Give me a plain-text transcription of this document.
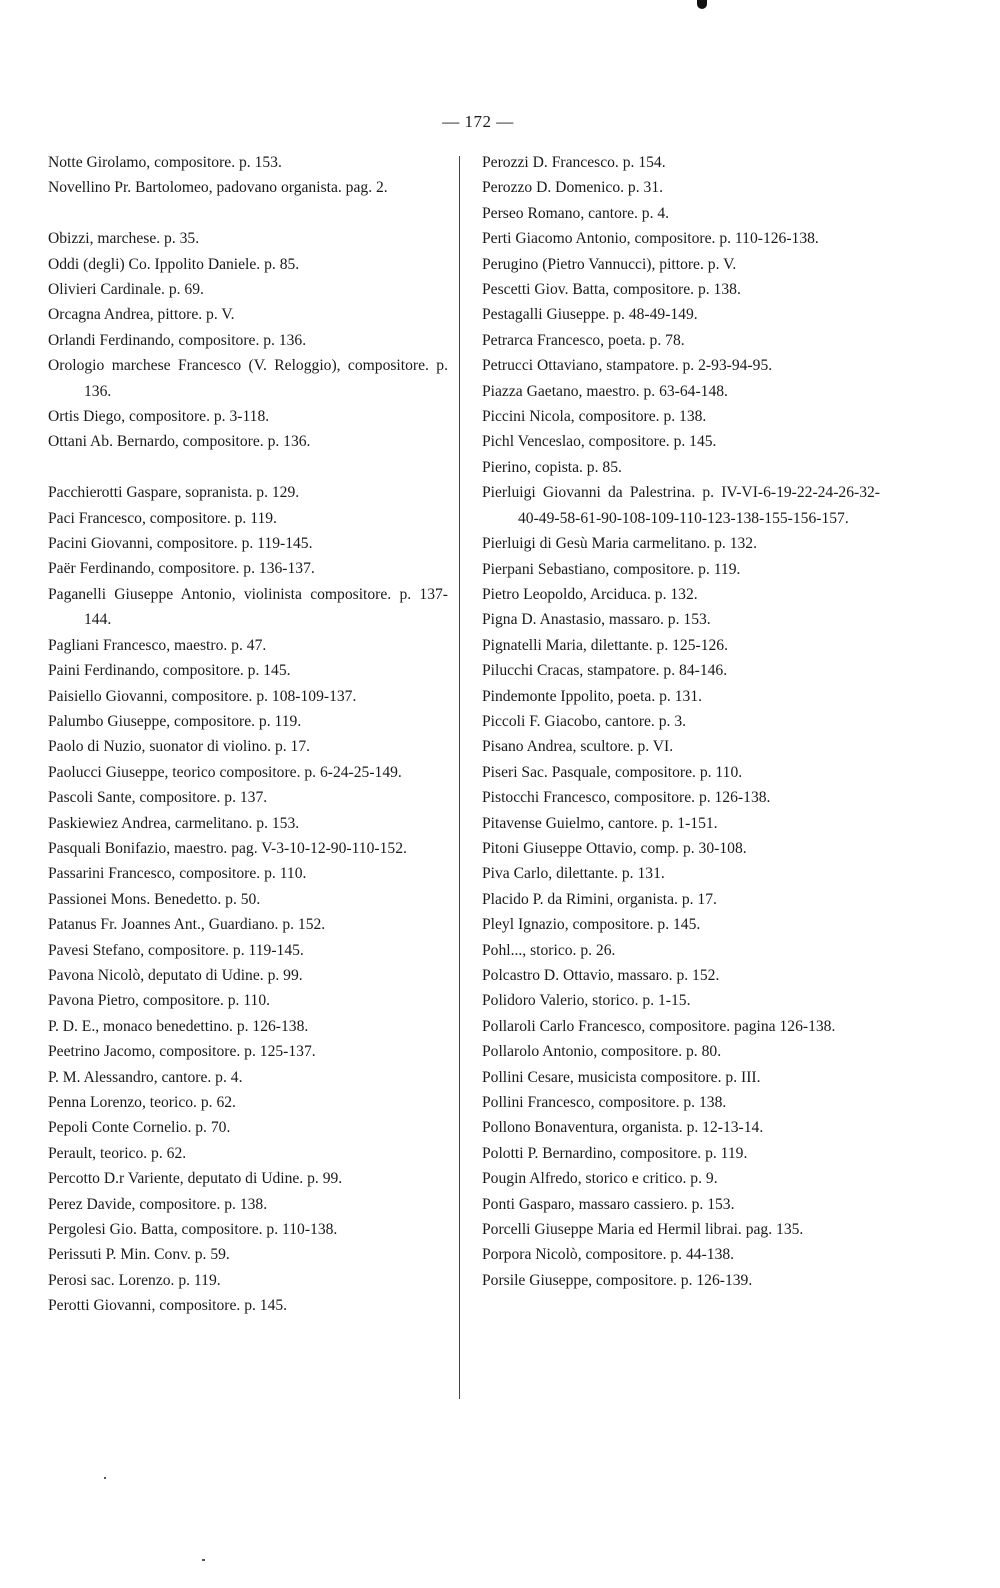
— 172 —
Notte Girolamo, compositore. p. 153.
Novellino Pr. Bartolomeo, padovano organista. pag. 2.
Obizzi, marchese. p. 35.
Oddi (degli) Co. Ippolito Daniele. p. 85.
Olivieri Cardinale. p. 69.
Orcagna Andrea, pittore. p. V.
Orlandi Ferdinando, compositore. p. 136.
Orologio marchese Francesco (V. Reloggio), compositore. p. 136.
Ortis Diego, compositore. p. 3-118.
Ottani Ab. Bernardo, compositore. p. 136.
Pacchierotti Gaspare, sopranista. p. 129.
Paci Francesco, compositore. p. 119.
Pacini Giovanni, compositore. p. 119-145.
Paër Ferdinando, compositore. p. 136-137.
Paganelli Giuseppe Antonio, violinista compositore. p. 137-144.
Pagliani Francesco, maestro. p. 47.
Paini Ferdinando, compositore. p. 145.
Paisiello Giovanni, compositore. p. 108-109-137.
Palumbo Giuseppe, compositore. p. 119.
Paolo di Nuzio, suonator di violino. p. 17.
Paolucci Giuseppe, teorico compositore. p. 6-24-25-149.
Pascoli Sante, compositore. p. 137.
Paskiewiez Andrea, carmelitano. p. 153.
Pasquali Bonifazio, maestro. pag. V-3-10-12-90-110-152.
Passarini Francesco, compositore. p. 110.
Passionei Mons. Benedetto. p. 50.
Patanus Fr. Joannes Ant., Guardiano. p. 152.
Pavesi Stefano, compositore. p. 119-145.
Pavona Nicolò, deputato di Udine. p. 99.
Pavona Pietro, compositore. p. 110.
P. D. E., monaco benedettino. p. 126-138.
Peetrino Jacomo, compositore. p. 125-137.
P. M. Alessandro, cantore. p. 4.
Penna Lorenzo, teorico. p. 62.
Pepoli Conte Cornelio. p. 70.
Perault, teorico. p. 62.
Percotto D.r Variente, deputato di Udine. p. 99.
Perez Davide, compositore. p. 138.
Pergolesi Gio. Batta, compositore. p. 110-138.
Perissuti P. Min. Conv. p. 59.
Perosi sac. Lorenzo. p. 119.
Perotti Giovanni, compositore. p. 145.
Perozzi D. Francesco. p. 154.
Perozzo D. Domenico. p. 31.
Perseo Romano, cantore. p. 4.
Perti Giacomo Antonio, compositore. p. 110-126-138.
Perugino (Pietro Vannucci), pittore. p. V.
Pescetti Giov. Batta, compositore. p. 138.
Pestagalli Giuseppe. p. 48-49-149.
Petrarca Francesco, poeta. p. 78.
Petrucci Ottaviano, stampatore. p. 2-93-94-95.
Piazza Gaetano, maestro. p. 63-64-148.
Piccini Nicola, compositore. p. 138.
Pichl Venceslao, compositore. p. 145.
Pierino, copista. p. 85.
Pierluigi Giovanni da Palestrina. p. IV-VI-6-19-22-24-26-32-40-49-58-61-90-108-109-110-123-138-155-156-157.
Pierluigi di Gesù Maria carmelitano. p. 132.
Pierpani Sebastiano, compositore. p. 119.
Pietro Leopoldo, Arciduca. p. 132.
Pigna D. Anastasio, massaro. p. 153.
Pignatelli Maria, dilettante. p. 125-126.
Pilucchi Cracas, stampatore. p. 84-146.
Pindemonte Ippolito, poeta. p. 131.
Piccoli F. Giacobo, cantore. p. 3.
Pisano Andrea, scultore. p. VI.
Piseri Sac. Pasquale, compositore. p. 110.
Pistocchi Francesco, compositore. p. 126-138.
Pitavense Guielmo, cantore. p. 1-151.
Pitoni Giuseppe Ottavio, comp. p. 30-108.
Piva Carlo, dilettante. p. 131.
Placido P. da Rimini, organista. p. 17.
Pleyl Ignazio, compositore. p. 145.
Pohl..., storico. p. 26.
Polcastro D. Ottavio, massaro. p. 152.
Polidoro Valerio, storico. p. 1-15.
Pollaroli Carlo Francesco, compositore. pagina 126-138.
Pollarolo Antonio, compositore. p. 80.
Pollini Cesare, musicista compositore. p. III.
Pollini Francesco, compositore. p. 138.
Pollono Bonaventura, organista. p. 12-13-14.
Polotti P. Bernardino, compositore. p. 119.
Pougin Alfredo, storico e critico. p. 9.
Ponti Gasparo, massaro cassiero. p. 153.
Porcelli Giuseppe Maria ed Hermil librai. pag. 135.
Porpora Nicolò, compositore. p. 44-138.
Porsile Giuseppe, compositore. p. 126-139.
